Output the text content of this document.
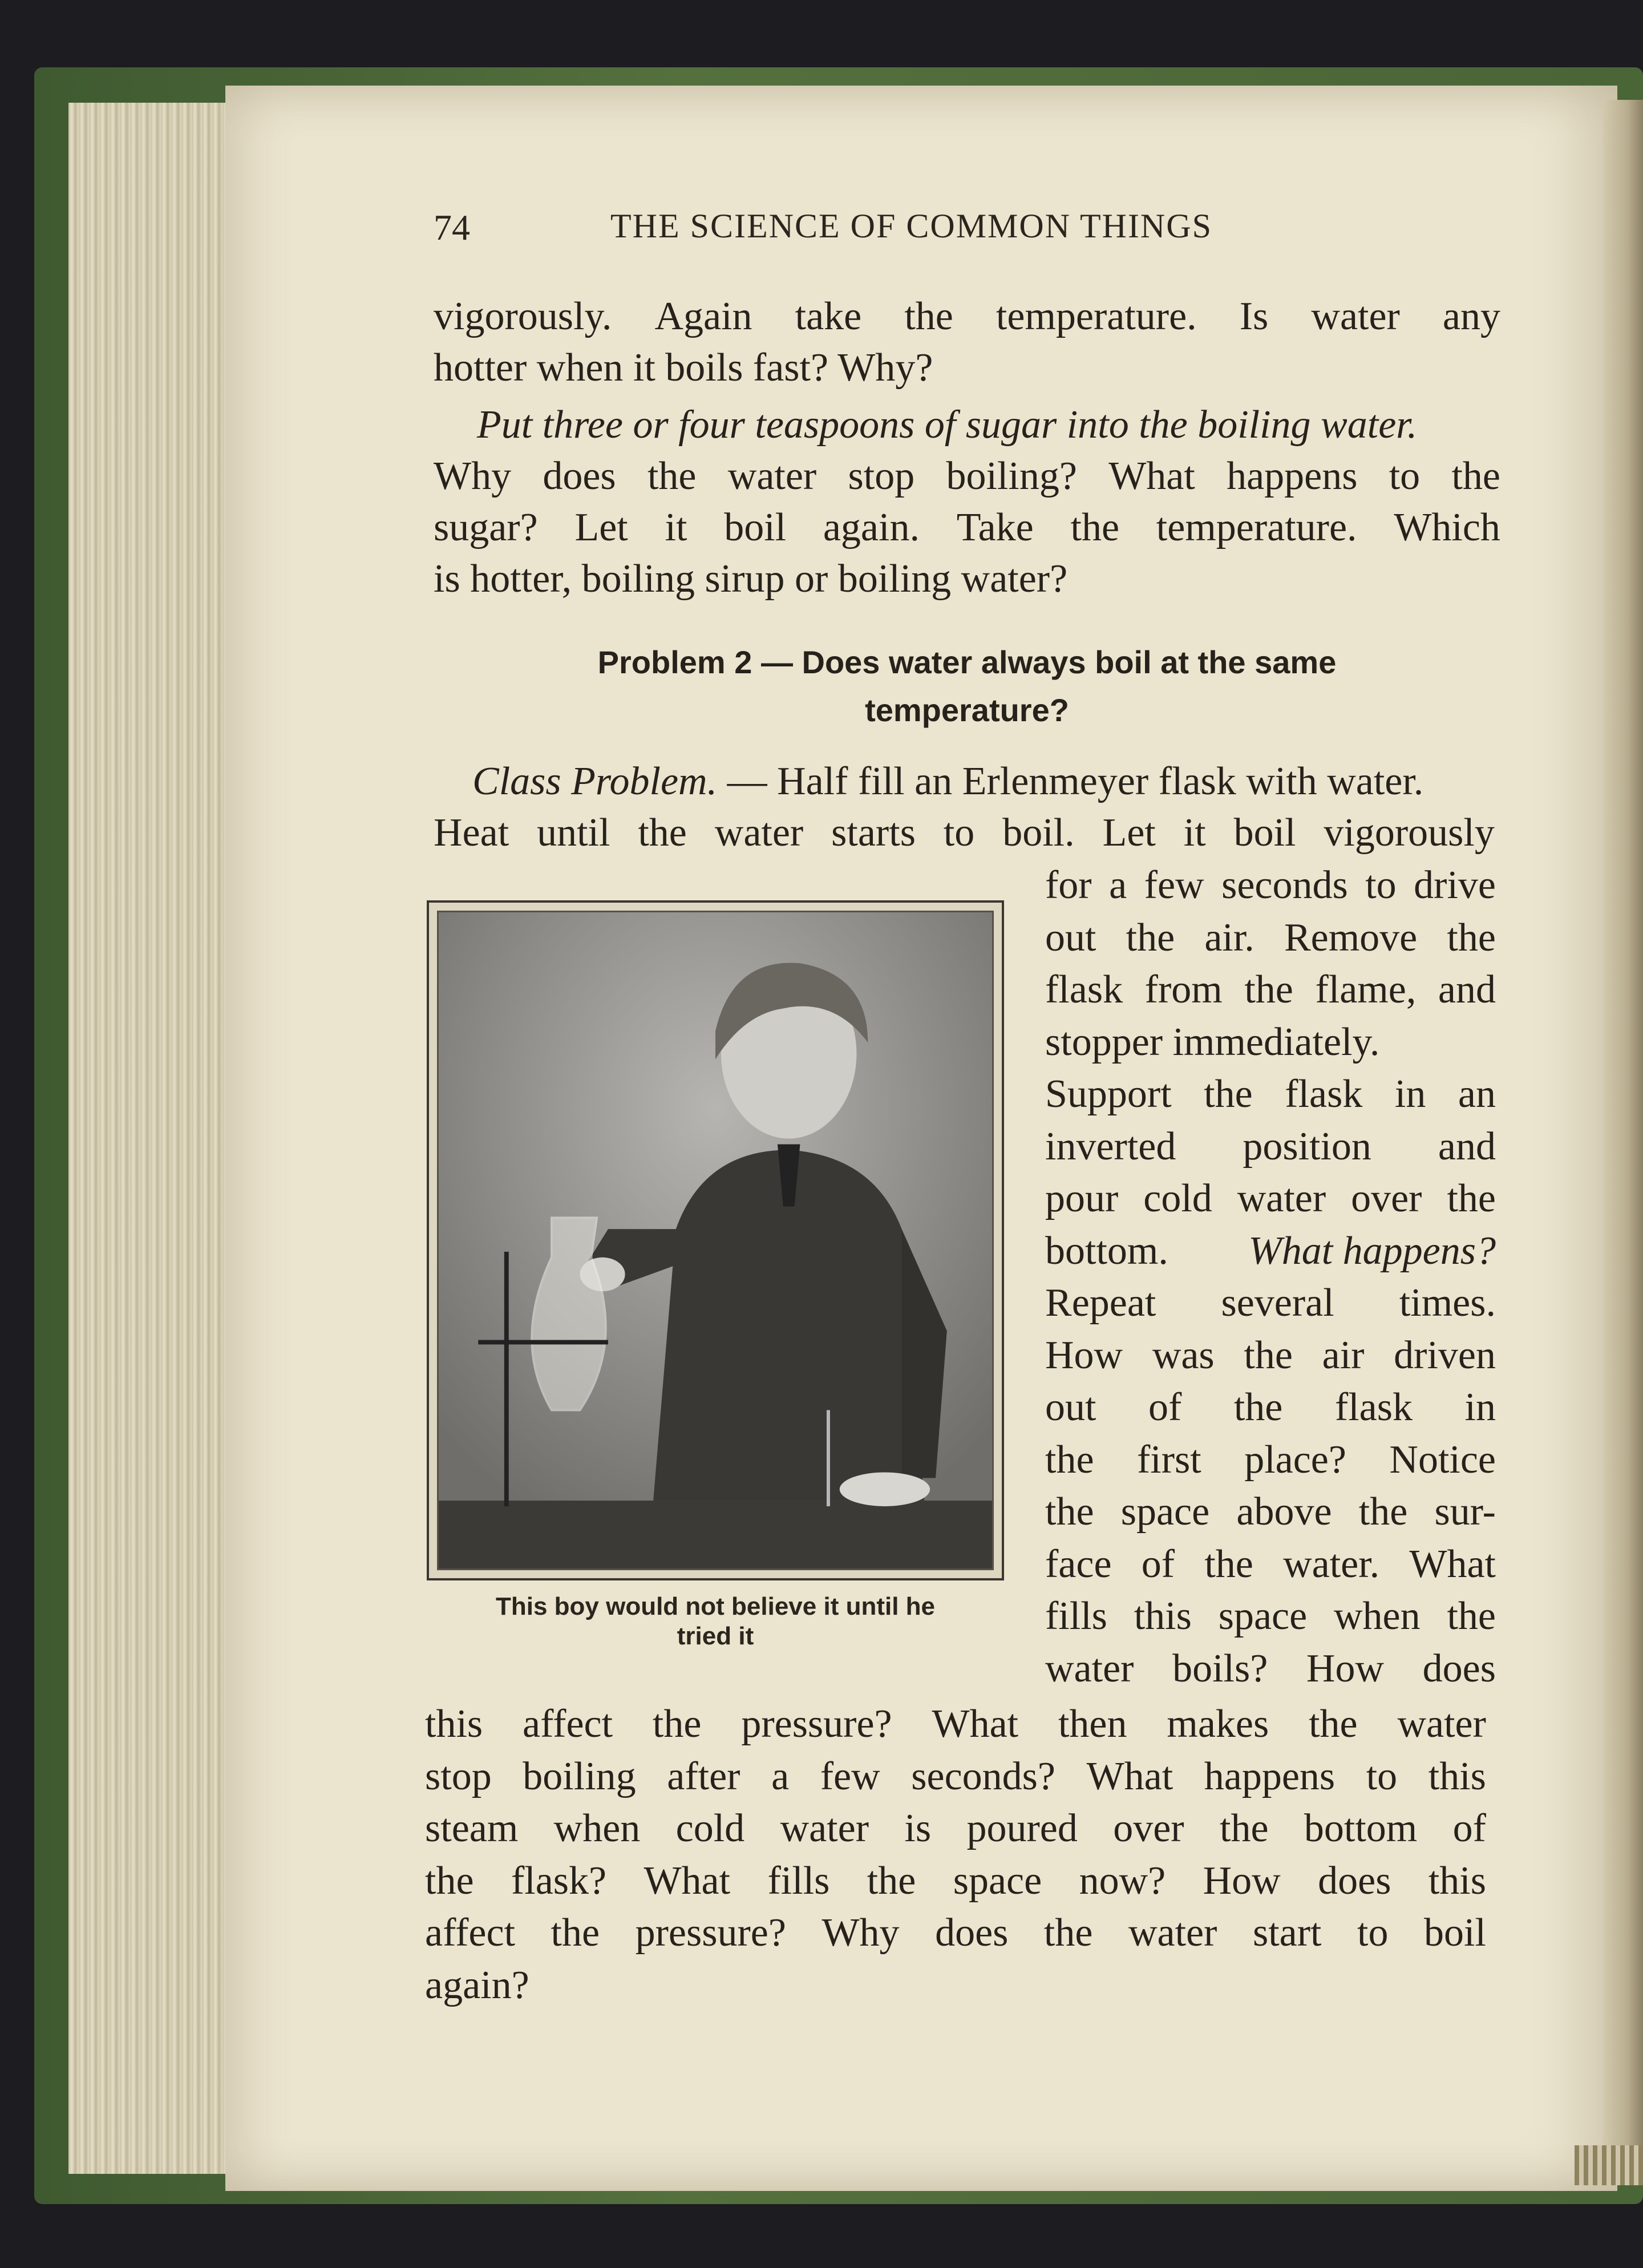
74	THE SCIENCE OF COMMON THINGS
vigorously. Again take the temperature. Is water any
hotter when it boils fast? Why?
Put three or four teaspoons of sugar into the boiling water.
Why does the water stop boiling? What happens to the
sugar? Let it boil again. Take the temperature. Which
is hotter, boiling sirup or boiling water?
Heat until the water starts to boil. Let it boil vigorously
for a few seconds to drive
out the air. Remove the
flask from the flame, and
stopper immediately.
Support the flask in an
inverted position and
pour cold water over the
bottom. What happens?
Repeat several times.
How was the air driven
out of the flask in
the first place? Notice
the space above the sur-
face of the water. What
fills this space when the
water boils? How does
this affect the pressure? What then makes the water
stop boiling after a few seconds? What happens to this
steam when cold water is poured over the bottom of
the flask? What fills the space now? How does this
affect the pressure? Why does the water start to boil
again?
Problem 2 — Does water always boil at the same
temperature?
Class Problem. — Half fill an Erlenmeyer flask with water.
This boy would not believe it until he
tried it
